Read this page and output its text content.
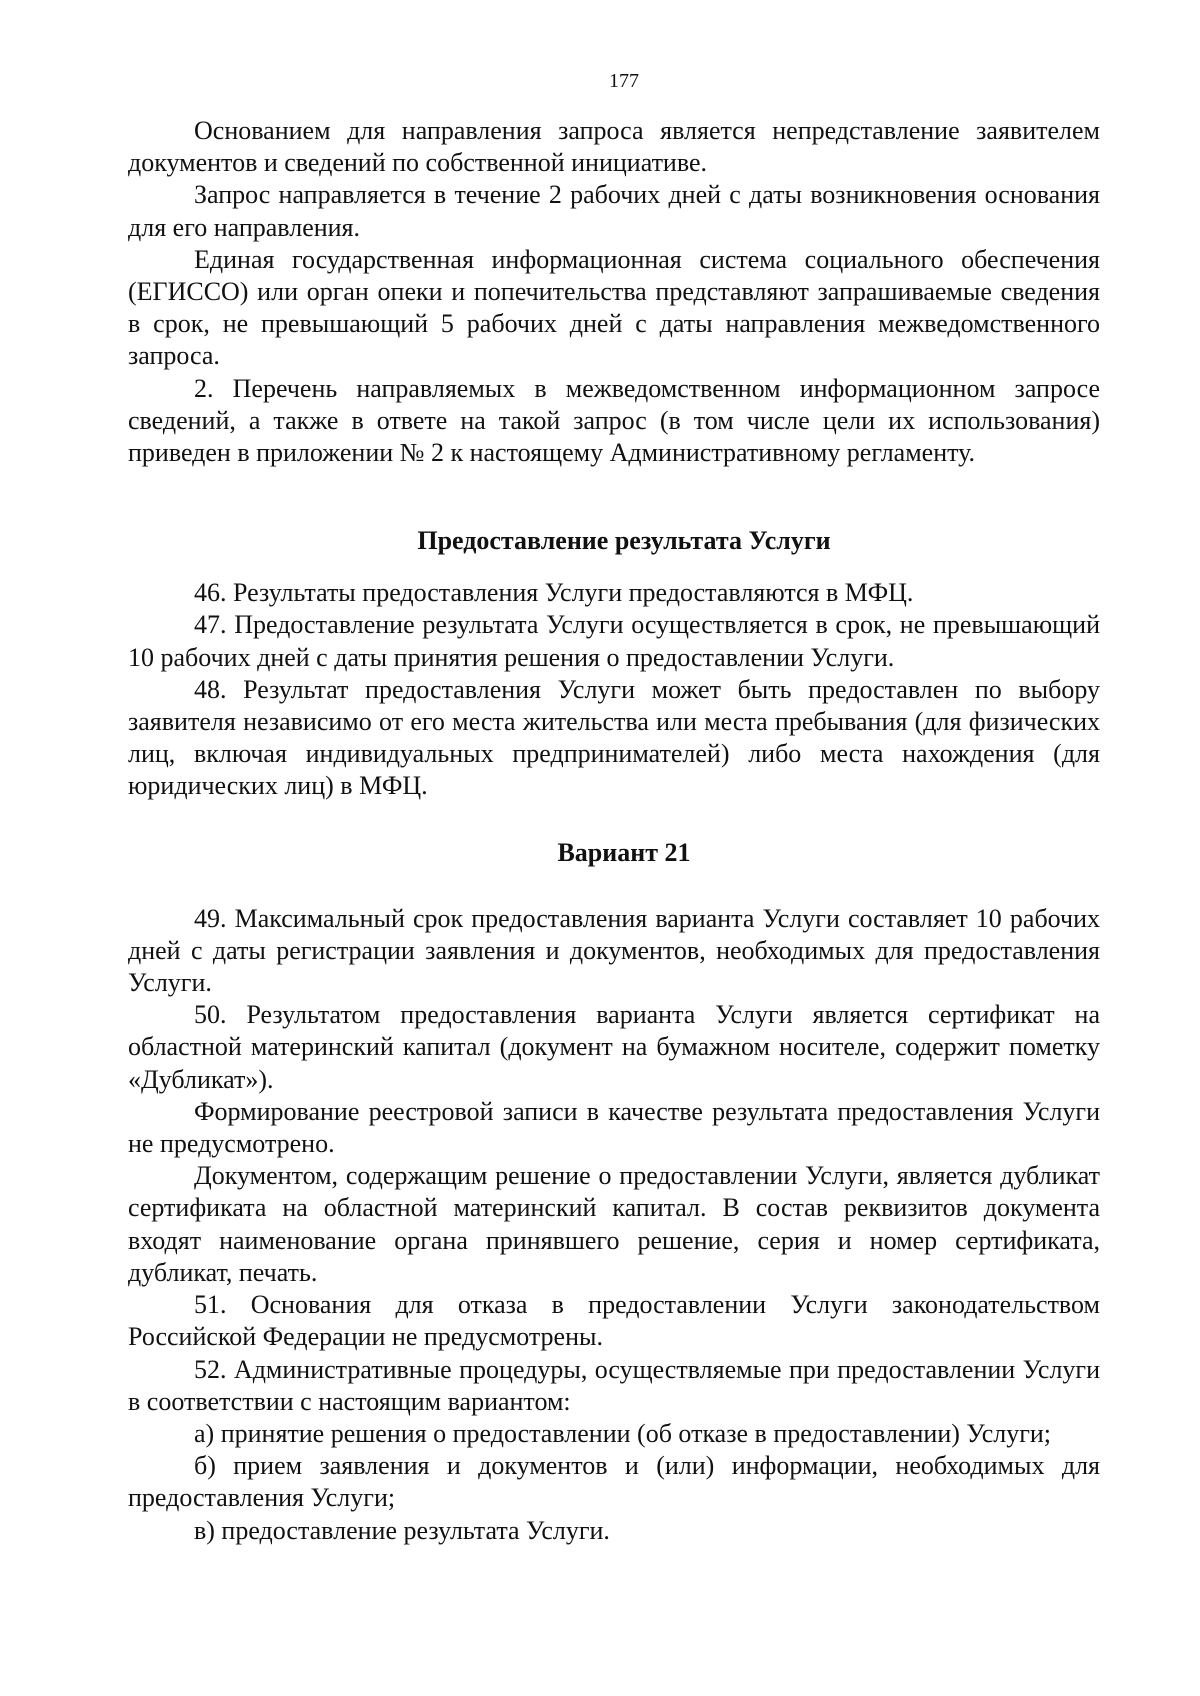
177

Основанием для направления запроса является непредставление заявителем документов и сведений по собственной инициативе.

Запрос направляется в течение 2 рабочих дней с даты возникновения основания для его направления.

Единая государственная информационная система социального обеспечения (ЕГИССО) или орган опеки и попечительства представляют запрашиваемые сведения в срок, не превышающий 5 рабочих дней с даты направления межведомственного запроса.

2. Перечень направляемых в межведомственном информационном запросе сведений, а также в ответе на такой запрос (в том числе цели их использования) приведен в приложении № 2 к настоящему Административному регламенту.

Предоставление результата Услуги

46. Результаты предоставления Услуги предоставляются в МФЦ.

47. Предоставление результата Услуги осуществляется в срок, не превышающий 10 рабочих дней с даты принятия решения о предоставлении Услуги.

48. Результат предоставления Услуги может быть предоставлен по выбору заявителя независимо от его места жительства или места пребывания (для физических лиц, включая индивидуальных предпринимателей) либо места нахождения (для юридических лиц) в МФЦ.

Вариант 21

49. Максимальный срок предоставления варианта Услуги составляет 10 рабочих дней с даты регистрации заявления и документов, необходимых для предоставления Услуги.

50. Результатом предоставления варианта Услуги является сертификат на областной материнский капитал (документ на бумажном носителе, содержит пометку «Дубликат»).

Формирование реестровой записи в качестве результата предоставления Услуги не предусмотрено.

Документом, содержащим решение о предоставлении Услуги, является дубликат сертификата на областной материнский капитал. В состав реквизитов документа входят наименование органа принявшего решение, серия и номер сертификата, дубликат, печать.

51. Основания для отказа в предоставлении Услуги законодательством Российской Федерации не предусмотрены.

52. Административные процедуры, осуществляемые при предоставлении Услуги в соответствии с настоящим вариантом:

а) принятие решения о предоставлении (об отказе в предоставлении) Услуги;

б) прием заявления и документов и (или) информации, необходимых для предоставления Услуги;

в) предоставление результата Услуги.
